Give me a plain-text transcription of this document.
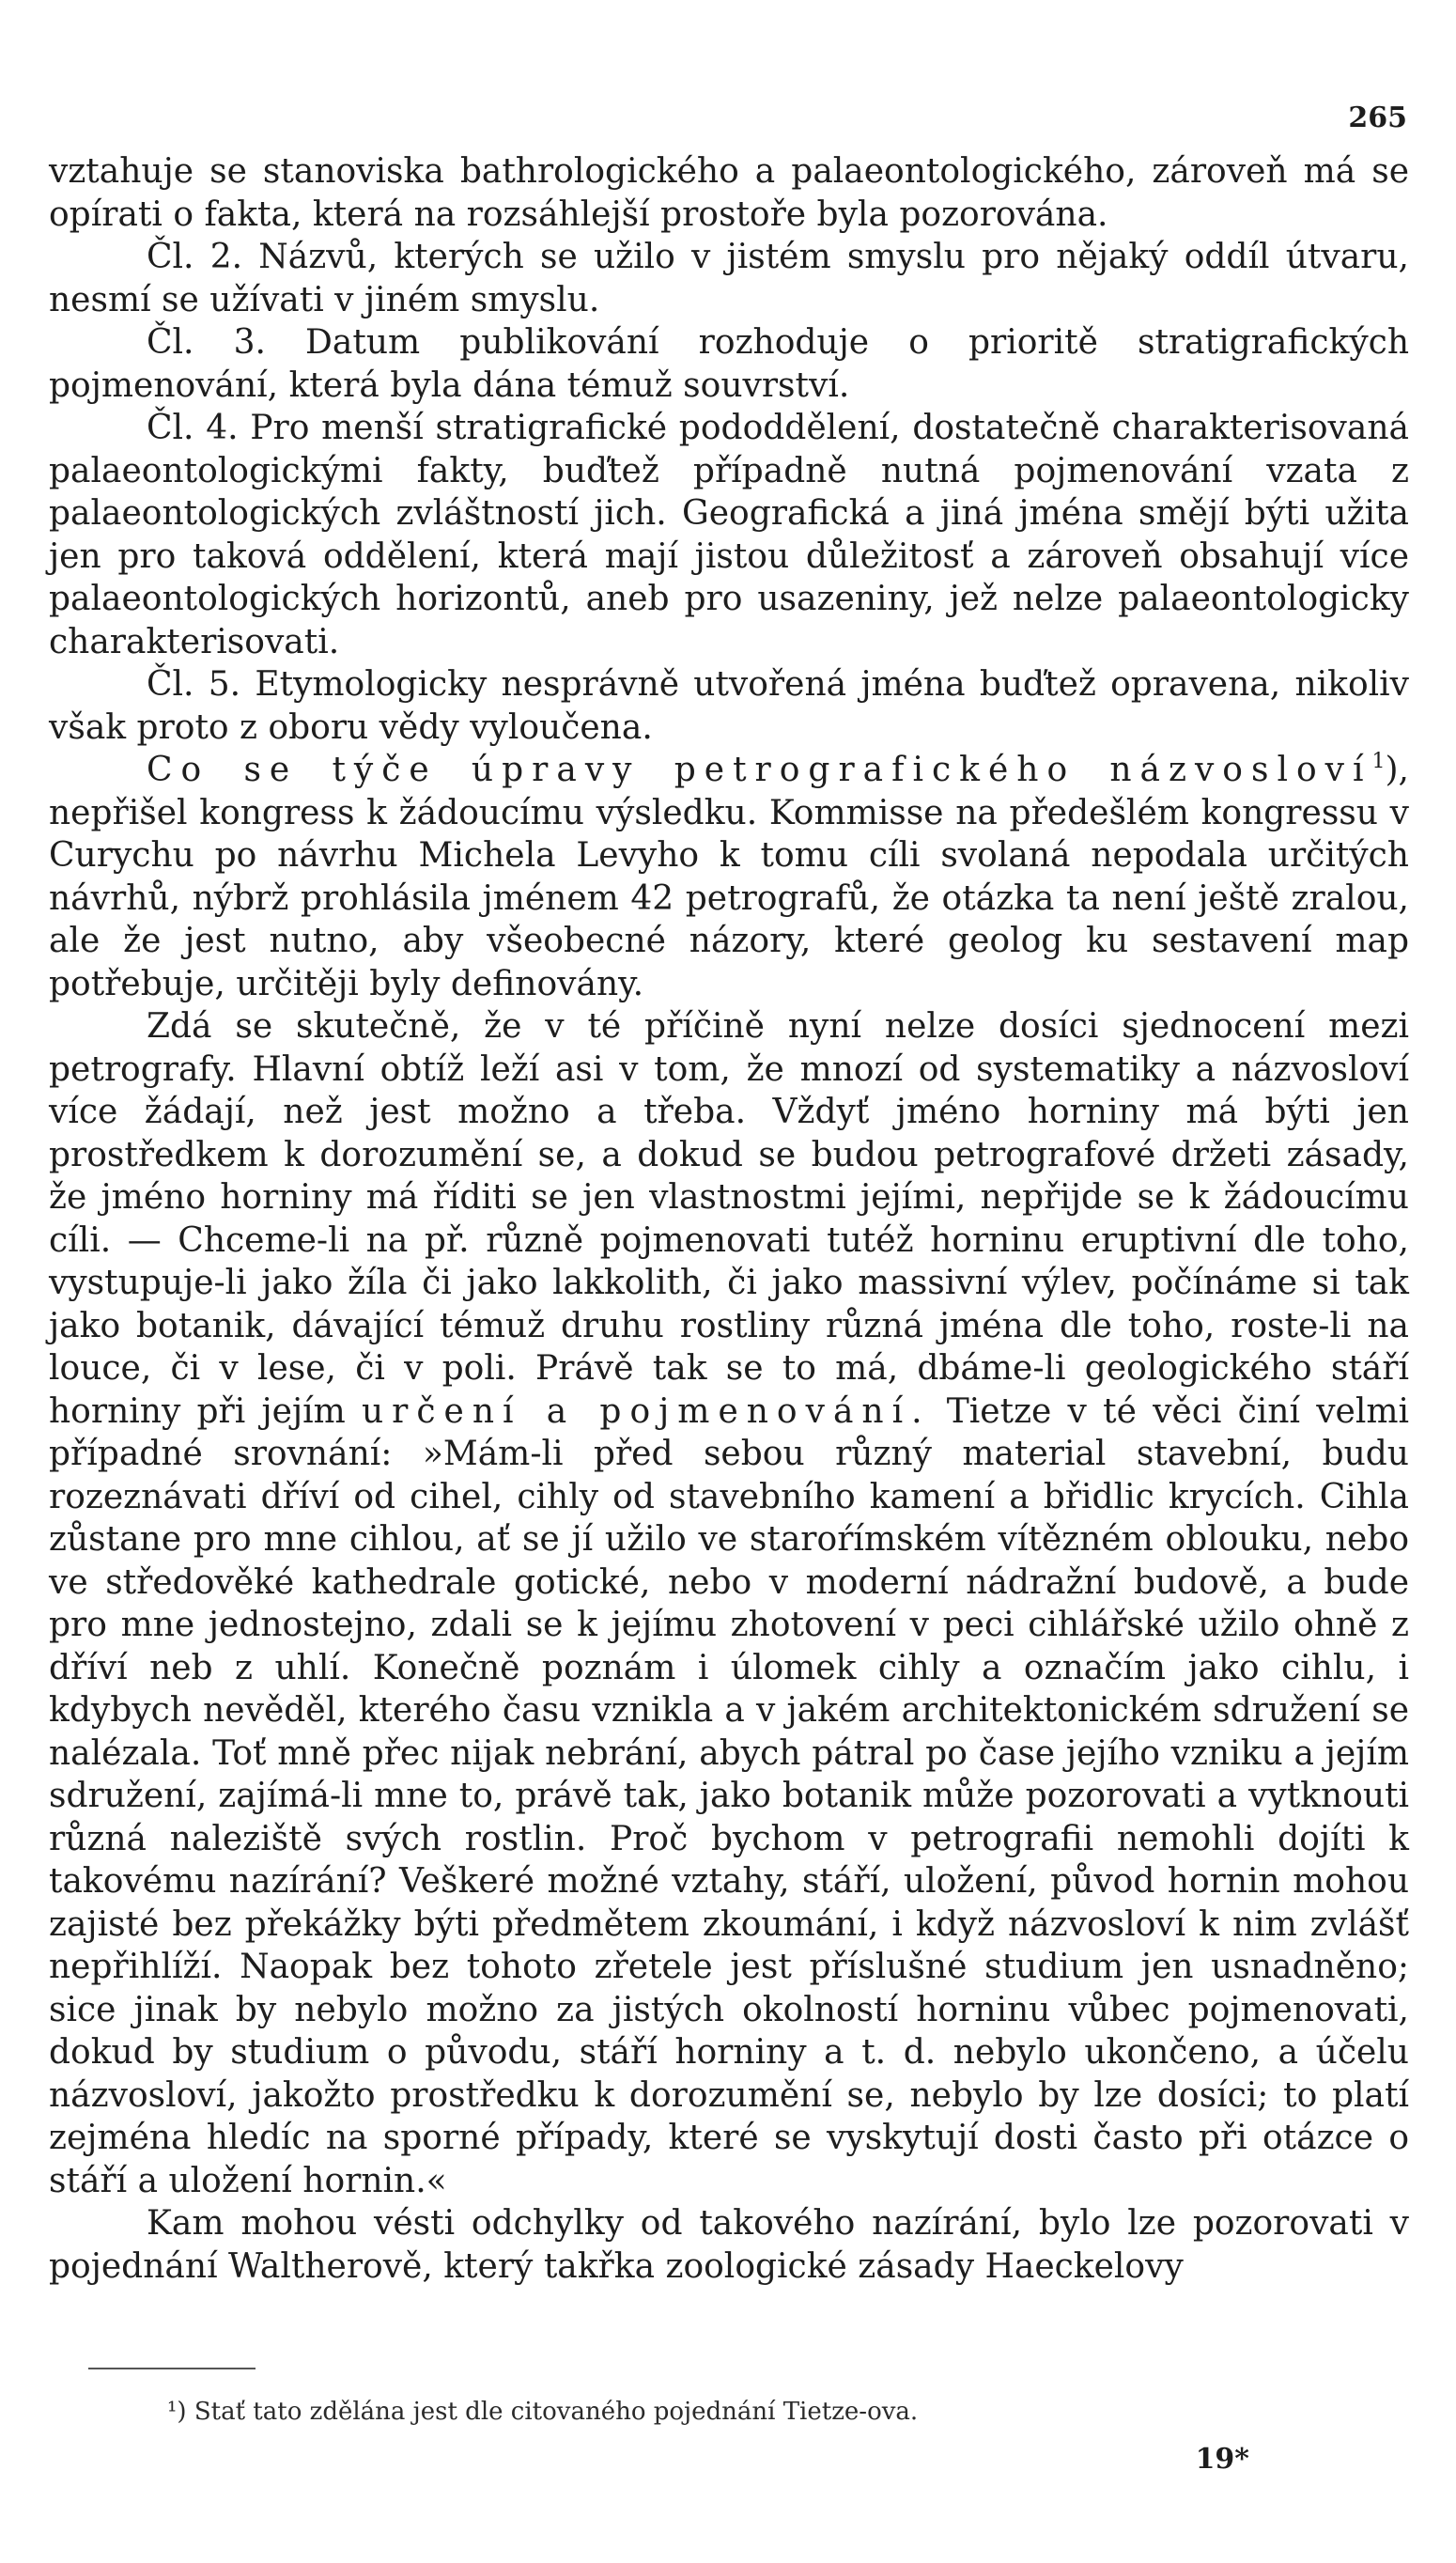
265

vztahuje se stanoviska bathrologického a palaeontologického, zároveň má se opírati o fakta, která na rozsáhlejší prostoře byla pozorována.

Čl. 2. Názvů, kterých se užilo v jistém smyslu pro nějaký oddíl útvaru, nesmí se užívati v jiném smyslu.

Čl. 3. Datum publikování rozhoduje o prioritě stratigrafických pojmenování, která byla dána témuž souvrství.

Čl. 4. Pro menší stratigrafické pododdělení, dostatečně charakterisovaná palaeontologickými fakty, buďtež případně nutná pojmenování vzata z palaeontologických zvláštností jich. Geografická a jiná jména smějí býti užita jen pro taková oddělení, která mají jistou důležitosť a zároveň obsahují více palaeontologických horizontů, aneb pro usazeniny, jež nelze palaeontologicky charakterisovati.

Čl. 5. Etymologicky nesprávně utvořená jména buďtež opravena, nikoliv však proto z oboru vědy vyloučena.

Co se týče úpravy petrografického názvosloví$^1$), nepřišel kongress k žádoucímu výsledku. Kommisse na předešlém kongressu v Curychu po návrhu Michela Levyho k tomu cíli svolaná nepodala určitých návrhů, nýbrž prohlásila jménem 42 petrografů, že otázka ta není ještě zralou, ale že jest nutno, aby všeobecné názory, které geolog ku sestavení map potřebuje, určitěji byly definovány.

Zdá se skutečně, že v té příčině nyní nelze dosíci sjednocení mezi petrografy. Hlavní obtíž leží asi v tom, že mnozí od systematiky a názvosloví více žádají, než jest možno a třeba. Vždyť jméno horniny má býti jen prostředkem k dorozumění se, a dokud se budou petrografové držeti zásady, že jméno horniny má říditi se jen vlastnostmi jejími, nepřijde se k žádoucímu cíli. — Chceme-li na př. různě pojmenovati tutéž horninu eruptivní dle toho, vystupuje-li jako žíla či jako lakkolith, či jako massivní výlev, počínáme si tak jako botanik, dávající témuž druhu rostliny různá jména dle toho, roste-li na louce, či v lese, či v poli. Právě tak se to má, dbáme-li geologického stáří horniny při jejím určení a pojmenování. Tietze v té věci činí velmi případné srovnání: »Mám-li před sebou různý material stavební, budu rozeznávati dříví od cihel, cihly od stavebního kamení a břidlic krycích. Cihla zůstane pro mne cihlou, ať se jí užilo ve staroŕímském vítězném oblouku, nebo ve středověké kathedrale gotické, nebo v moderní nádražní budově, a bude pro mne jednostejno, zdali se k jejímu zhotovení v peci cihlářské užilo ohně z dříví neb z uhlí. Konečně poznám i úlomek cihly a označím jako cihlu, i kdybych nevěděl, kterého času vznikla a v jakém architektonickém sdružení se nalézala. Toť mně přec nijak nebrání, abych pátral po čase jejího vzniku a jejím sdružení, zajímá-li mne to, právě tak, jako botanik může pozorovati a vytknouti různá naleziště svých rostlin. Proč bychom v petrografii nemohli dojíti k takovému nazírání? Veškeré možné vztahy, stáří, uložení, původ hornin mohou zajisté bez překážky býti předmětem zkoumání, i když názvosloví k nim zvlášť nepřihlíží. Naopak bez tohoto zřetele jest příslušné studium jen usnadněno; sice jinak by nebylo možno za jistých okolností horninu vůbec pojmenovati, dokud by studium o původu, stáří horniny a t. d. nebylo ukončeno, a účelu názvosloví, jakožto prostředku k dorozumění se, nebylo by lze dosíci; to platí zejména hledíc na sporné případy, které se vyskytují dosti často při otázce o stáří a uložení hornin.«

Kam mohou vésti odchylky od takového nazírání, bylo lze pozorovati v pojednání Waltherově, který takřka zoologické zásady Haeckelovy

¹) Stať tato zdělána jest dle citovaného pojednání Tietze-ova.
19*
